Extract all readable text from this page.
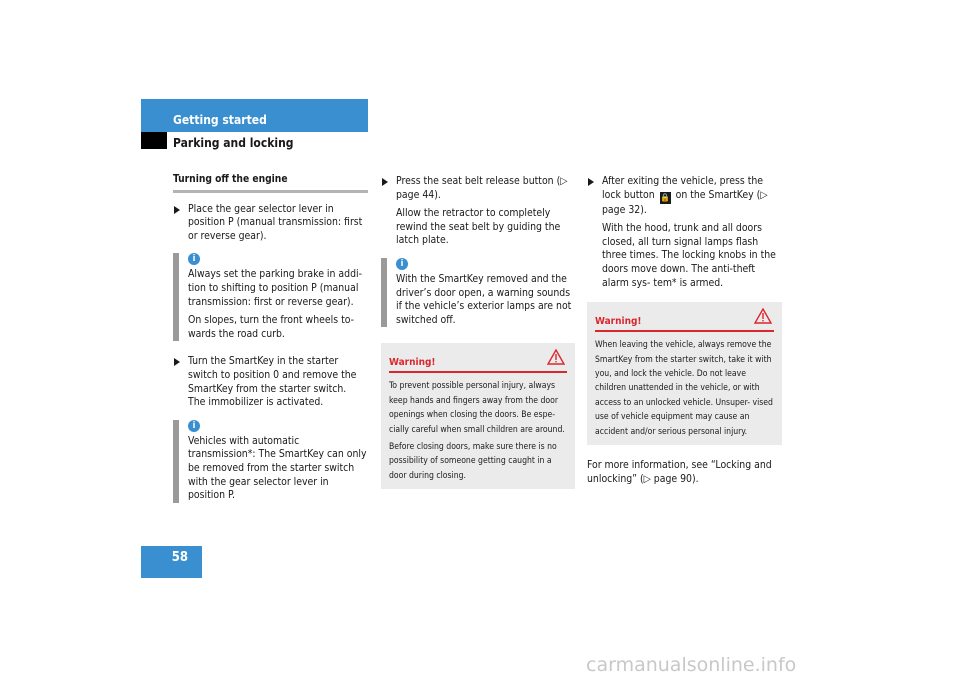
Getting started
Parking and locking
Turning off the engine

Place the gear selector lever in position P (manual transmission: first or reverse gear).

i

Always set the parking brake in addi- tion to shifting to position P (manual transmission: first or reverse gear).

On slopes, turn the front wheels to- wards the road curb.

Turn the SmartKey in the starter switch to position 0 and remove the SmartKey from the starter switch.

The immobilizer is activated.

i

Vehicles with automatic transmission*: The SmartKey can only be removed from the starter switch with the gear selector lever in position P.

Press the seat belt release button (▷ page 44).

Allow the retractor to completely rewind the seat belt by guiding the latch plate.

i

With the SmartKey removed and the driver’s door open, a warning sounds if the vehicle’s exterior lamps are not switched off.

Warning!

To prevent possible personal injury, always keep hands and fingers away from the door openings when closing the doors. Be espe- cially careful when small children are around.

Before closing doors, make sure there is no possibility of someone getting caught in a door during closing.

After exiting the vehicle, press the lock button 🔒 on the SmartKey (▷ page 32).

With the hood, trunk and all doors closed, all turn signal lamps flash three times. The locking knobs in the doors move down. The anti-theft alarm sys- tem* is armed.

Warning!

When leaving the vehicle, always remove the SmartKey from the starter switch, take it with you, and lock the vehicle. Do not leave children unattended in the vehicle, or with access to an unlocked vehicle. Unsuper- vised use of vehicle equipment may cause an accident and/or serious personal injury.

For more information, see “Locking and unlocking” (▷ page 90).

58
carmanualsonline.info
